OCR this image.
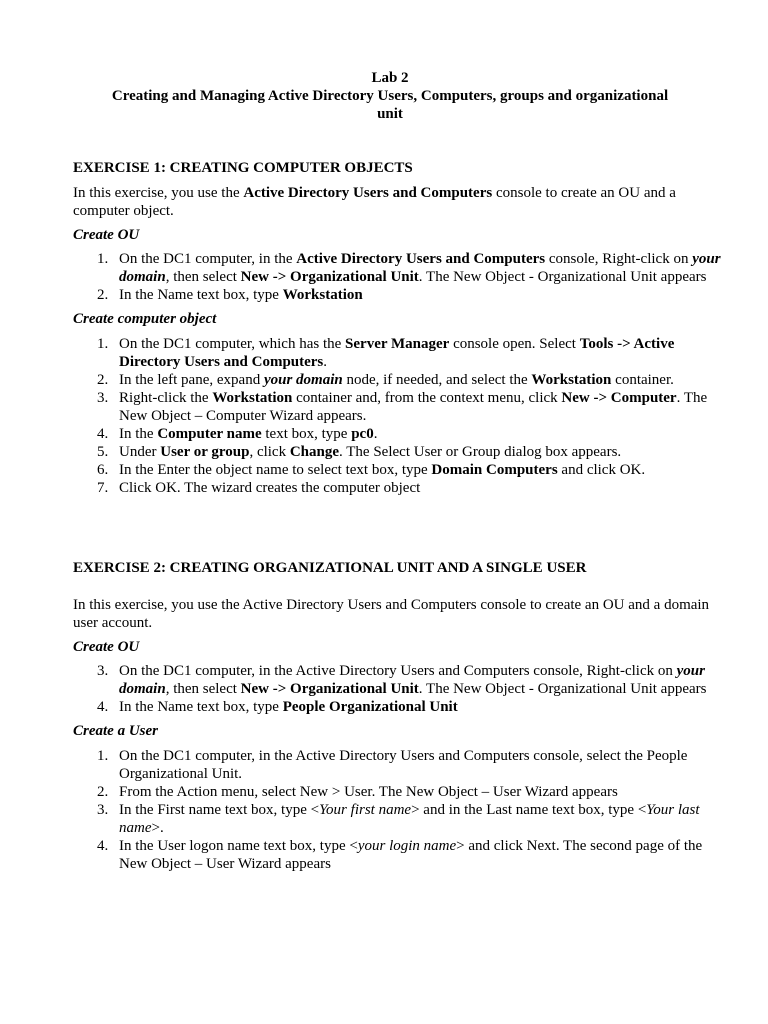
Lab 2
Creating and Managing Active Directory Users, Computers, groups and organizational
unit
EXERCISE 1: CREATING COMPUTER OBJECTS
In this exercise, you use the Active Directory Users and Computers console to create an OU and a computer object.
Create OU
1. On the DC1 computer, in the Active Directory Users and Computers console, Right-click on your domain, then select New -> Organizational Unit. The New Object - Organizational Unit appears
2. In the Name text box, type Workstation
Create computer object
1. On the DC1 computer, which has the Server Manager console open. Select Tools -> Active Directory Users and Computers.
2. In the left pane, expand your domain node, if needed, and select the Workstation container.
3. Right-click the Workstation container and, from the context menu, click New -> Computer. The New Object – Computer Wizard appears.
4. In the Computer name text box, type pc0.
5. Under User or group, click Change. The Select User or Group dialog box appears.
6. In the Enter the object name to select text box, type Domain Computers and click OK.
7. Click OK. The wizard creates the computer object
EXERCISE 2: CREATING ORGANIZATIONAL UNIT AND A SINGLE USER
In this exercise, you use the Active Directory Users and Computers console to create an OU and a domain user account.
Create OU
3. On the DC1 computer, in the Active Directory Users and Computers console, Right-click on your domain, then select New -> Organizational Unit. The New Object - Organizational Unit appears
4. In the Name text box, type People Organizational Unit
Create a User
1. On the DC1 computer, in the Active Directory Users and Computers console, select the People Organizational Unit.
2. From the Action menu, select New > User. The New Object – User Wizard appears
3. In the First name text box, type <Your first name> and in the Last name text box, type <Your last name>.
4. In the User logon name text box, type <your login name> and click Next. The second page of the New Object – User Wizard appears
